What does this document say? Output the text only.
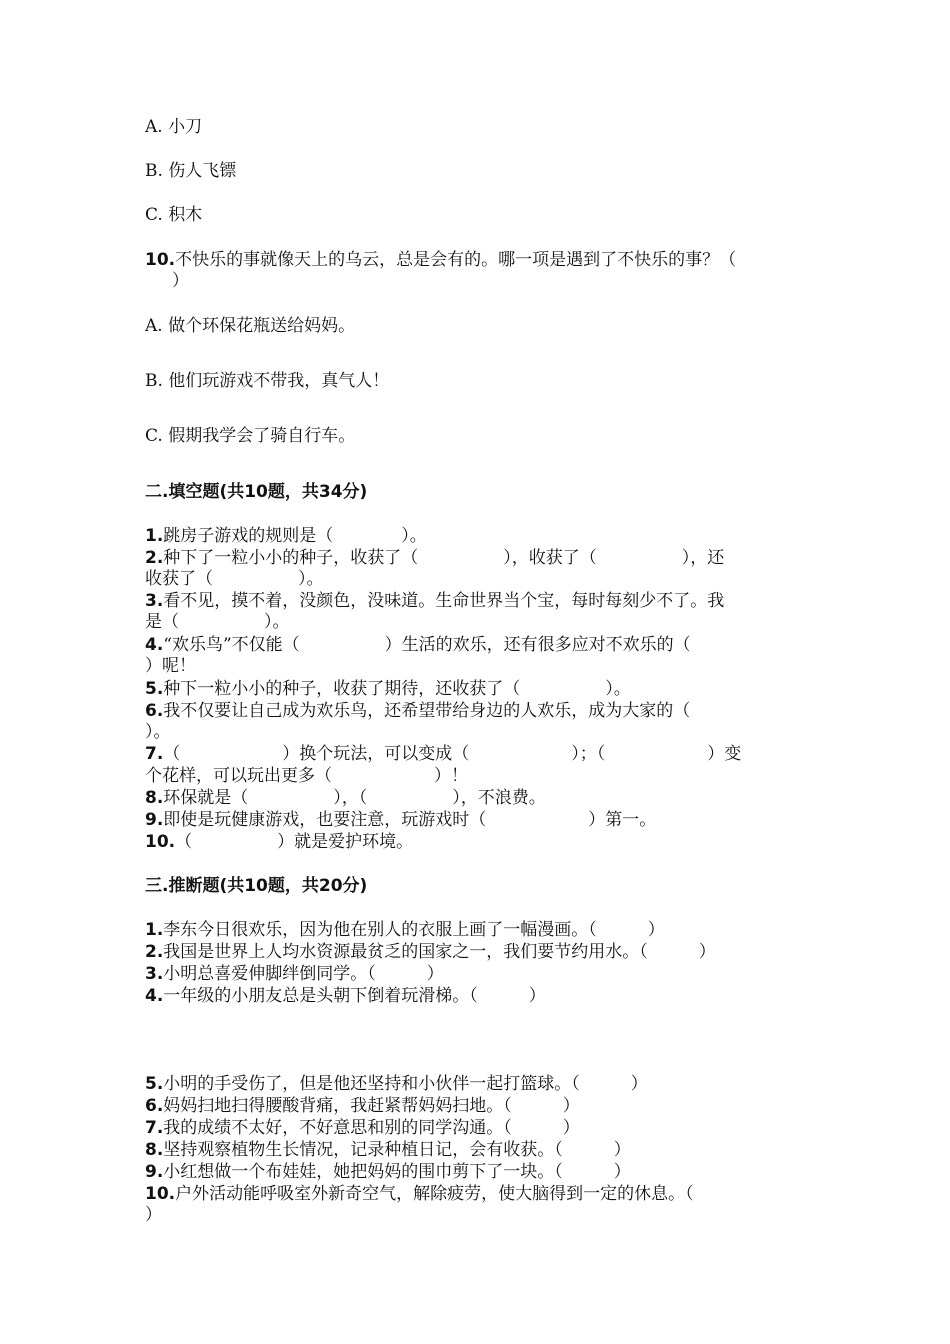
A. 小刀
B. 伤人飞镖
C. 积木
10.不快乐的事就像天上的乌云，总是会有的。哪一项是遇到了不快乐的事？（
）
A. 做个环保花瓶送给妈妈。
B. 他们玩游戏不带我，真气人！
C. 假期我学会了骑自行车。
二.填空题(共10题，共34分)
1.跳房子游戏的规则是（　　　　）。
2.种下了一粒小小的种子，收获了（　　　　　），收获了（　　　　　），还
收获了（　　　　　）。
3.看不见，摸不着，没颜色，没味道。生命世界当个宝，每时每刻少不了。我
是（　　　　　）。
4.“欢乐鸟”不仅能（　　　　　）生活的欢乐，还有很多应对不欢乐的（
）呢！
5.种下一粒小小的种子，收获了期待，还收获了（　　　　　）。
6.我不仅要让自己成为欢乐鸟，还希望带给身边的人欢乐，成为大家的（
）。
7.（　　　　　　）换个玩法，可以变成（　　　　　　）；（　　　　　　）变
个花样，可以玩出更多（　　　　　　）！
8.环保就是（　　　　　），（　　　　　），不浪费。
9.即使是玩健康游戏，也要注意，玩游戏时（　　　　　　）第一。
10.（　　　　　）就是爱护环境。
三.推断题(共10题，共20分)
1.李东今日很欢乐，因为他在别人的衣服上画了一幅漫画。（　　　）
2.我国是世界上人均水资源最贫乏的国家之一，我们要节约用水。（　　　）
3.小明总喜爱伸脚绊倒同学。（　　　）
4.一年级的小朋友总是头朝下倒着玩滑梯。（　　　）
5.小明的手受伤了，但是他还坚持和小伙伴一起打篮球。（　　　）
6.妈妈扫地扫得腰酸背痛，我赶紧帮妈妈扫地。（　　　）
7.我的成绩不太好，不好意思和别的同学沟通。（　　　）
8.坚持观察植物生长情况，记录种植日记，会有收获。（　　　）
9.小红想做一个布娃娃，她把妈妈的围巾剪下了一块。（　　　）
10.户外活动能呼吸室外新奇空气，解除疲劳，使大脑得到一定的休息。（
）
